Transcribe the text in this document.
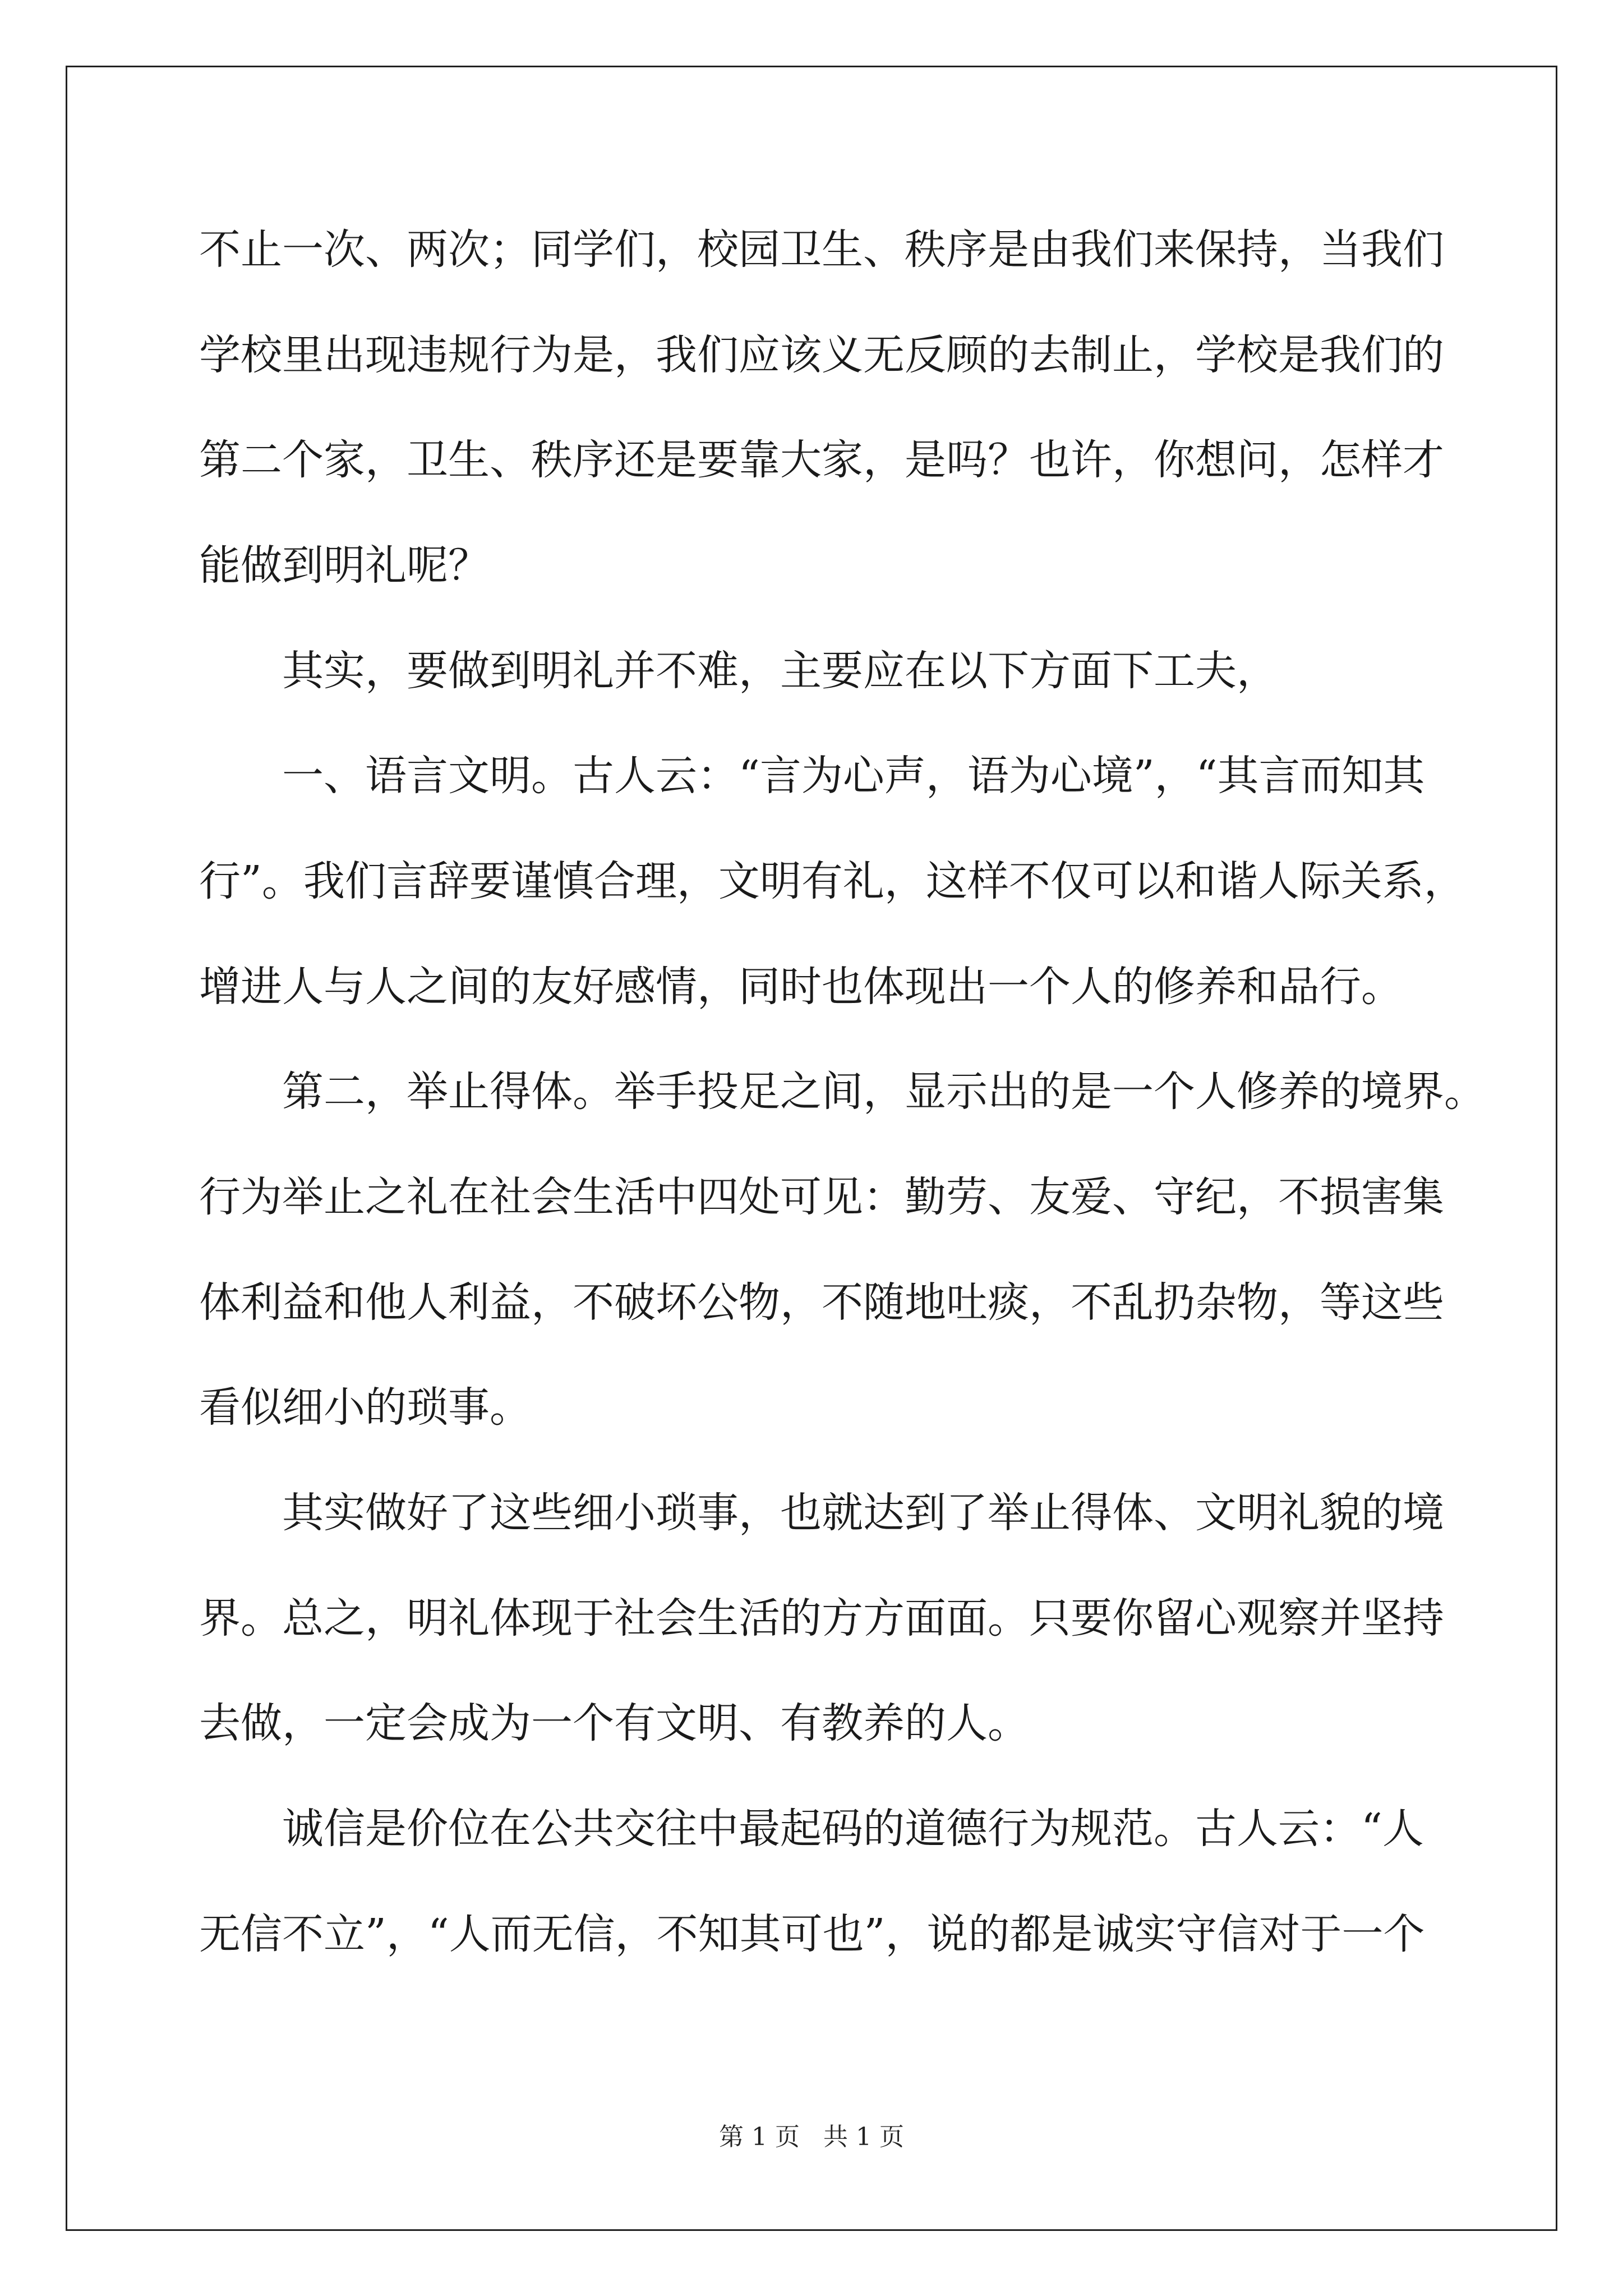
不止一次、两次；同学们，校园卫生、秩序是由我们来保持，当我们
学校里出现违规行为是，我们应该义无反顾的去制止，学校是我们的
第二个家，卫生、秩序还是要靠大家，是吗？也许，你想问，怎样才
能做到明礼呢？
其实，要做到明礼并不难，主要应在以下方面下工夫，
一、语言文明。古人云：“言为心声，语为心境”，“其言而知其
行”。我们言辞要谨慎合理，文明有礼，这样不仅可以和谐人际关系，
增进人与人之间的友好感情，同时也体现出一个人的修养和品行。
第二，举止得体。举手投足之间，显示出的是一个人修养的境界。
行为举止之礼在社会生活中四处可见：勤劳、友爱、守纪，不损害集
体利益和他人利益，不破坏公物，不随地吐痰，不乱扔杂物，等这些
看似细小的琐事。
其实做好了这些细小琐事，也就达到了举止得体、文明礼貌的境
界。总之，明礼体现于社会生活的方方面面。只要你留心观察并坚持
去做，一定会成为一个有文明、有教养的人。
诚信是价位在公共交往中最起码的道德行为规范。古人云：“人
无信不立”，“人而无信，不知其可也”，说的都是诚实守信对于一个
第 1 页   共 1 页
